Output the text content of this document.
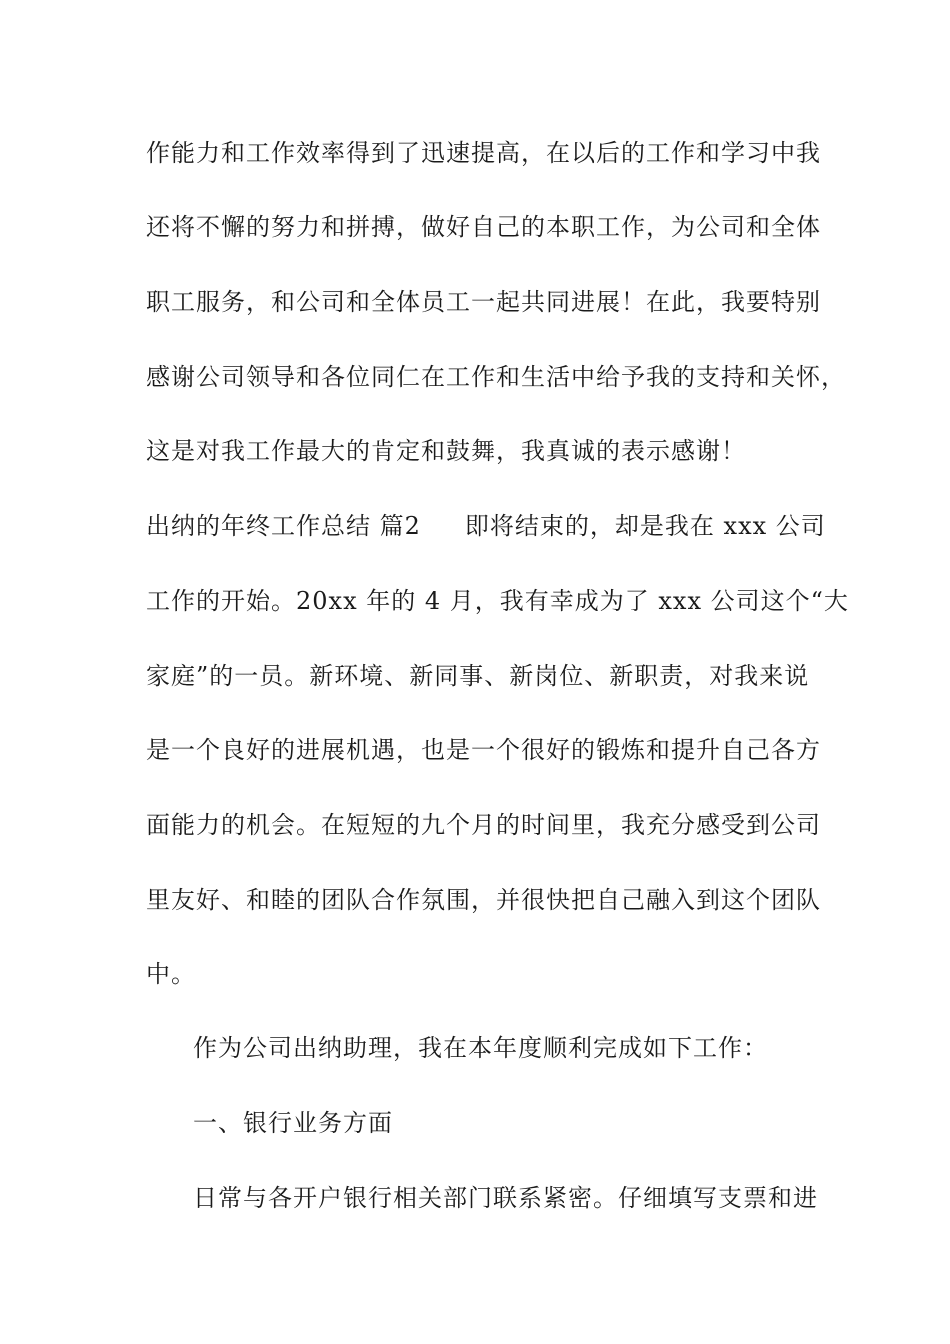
作能力和工作效率得到了迅速提高，在以后的工作和学习中我
还将不懈的努力和拼搏，做好自己的本职工作，为公司和全体
职工服务，和公司和全体员工一起共同进展！在此，我要特别
感谢公司领导和各位同仁在工作和生活中给予我的支持和关怀，
这是对我工作最大的肯定和鼓舞，我真诚的表示感谢！
出纳的年终工作总结 篇2 即将结束的，却是我在 xxx 公司
工作的开始。20xx 年的 4 月，我有幸成为了 xxx 公司这个“大
家庭”的一员。新环境、新同事、新岗位、新职责，对我来说
是一个良好的进展机遇，也是一个很好的锻炼和提升自己各方
面能力的机会。在短短的九个月的时间里，我充分感受到公司
里友好、和睦的团队合作氛围，并很快把自己融入到这个团队
中。
作为公司出纳助理，我在本年度顺利完成如下工作：
一、银行业务方面
日常与各开户银行相关部门联系紧密。仔细填写支票和进
